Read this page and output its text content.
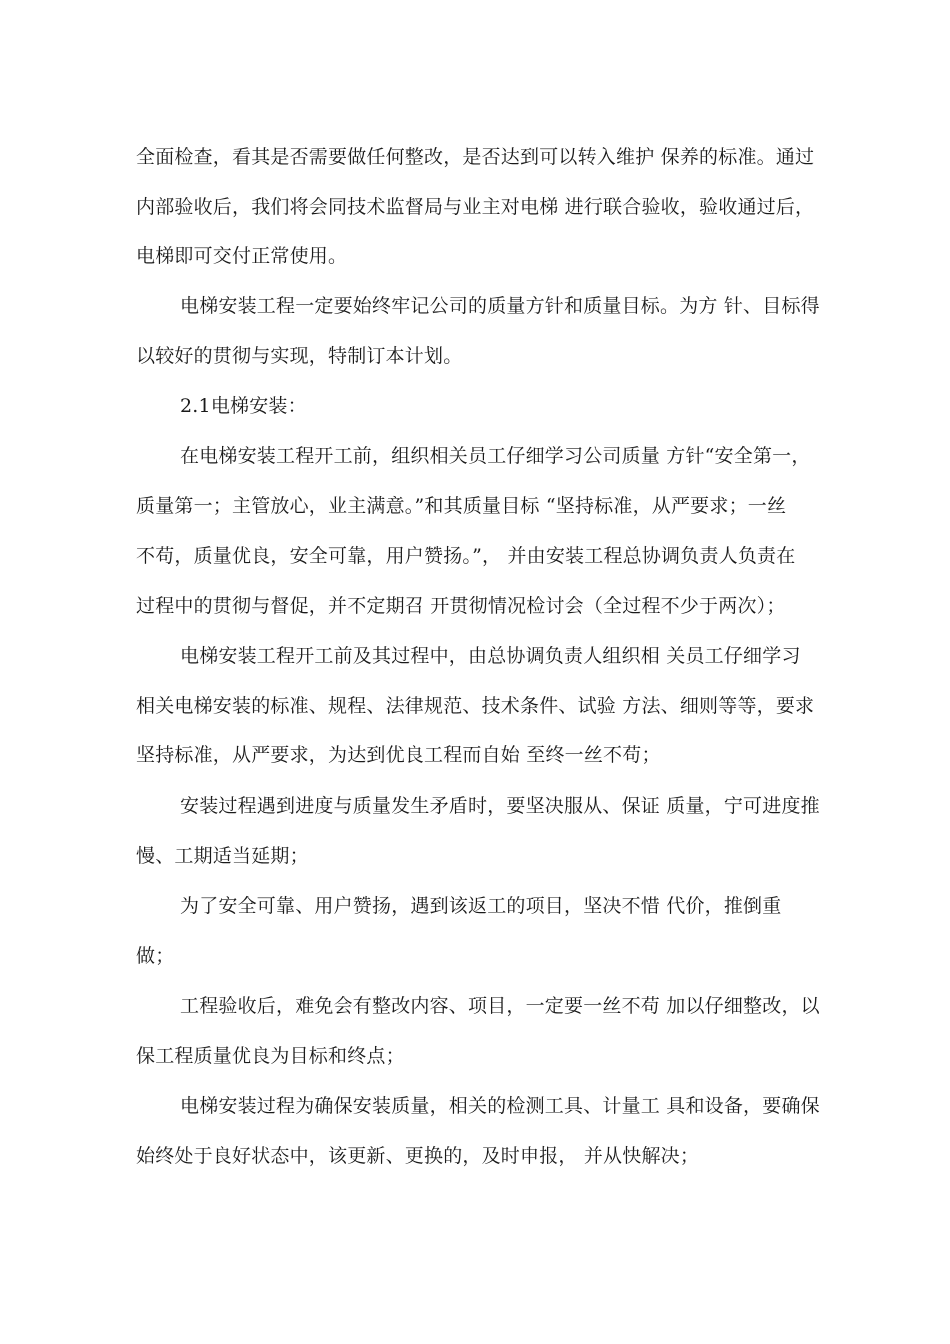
全面检查，看其是否需要做任何整改，是否达到可以转入维护 保养的标准。通过
内部验收后，我们将会同技术监督局与业主对电梯 进行联合验收，验收通过后，
电梯即可交付正常使用。
电梯安装工程一定要始终牢记公司的质量方针和质量目标。为方 针、目标得
以较好的贯彻与实现，特制订本计划。
2.1电梯安装：
在电梯安装工程开工前，组织相关员工仔细学习公司质量 方针“安全第一，
质量第一；主管放心，业主满意。”和其质量目标 “坚持标准，从严要求；一丝
不苟，质量优良，安全可靠，用户赞扬。”， 并由安装工程总协调负责人负责在
过程中的贯彻与督促，并不定期召 开贯彻情况检讨会（全过程不少于两次）；
电梯安装工程开工前及其过程中，由总协调负责人组织相 关员工仔细学习
相关电梯安装的标准、规程、法律规范、技术条件、试验 方法、细则等等，要求
坚持标准，从严要求，为达到优良工程而自始 至终一丝不苟；
安装过程遇到进度与质量发生矛盾时，要坚决服从、保证 质量，宁可进度推
慢、工期适当延期；
为了安全可靠、用户赞扬，遇到该返工的项目，坚决不惜 代价，推倒重
做；
工程验收后，难免会有整改内容、项目，一定要一丝不苟 加以仔细整改，以
保工程质量优良为目标和终点；
电梯安装过程为确保安装质量，相关的检测工具、计量工 具和设备，要确保
始终处于良好状态中，该更新、更换的，及时申报， 并从快解决；
